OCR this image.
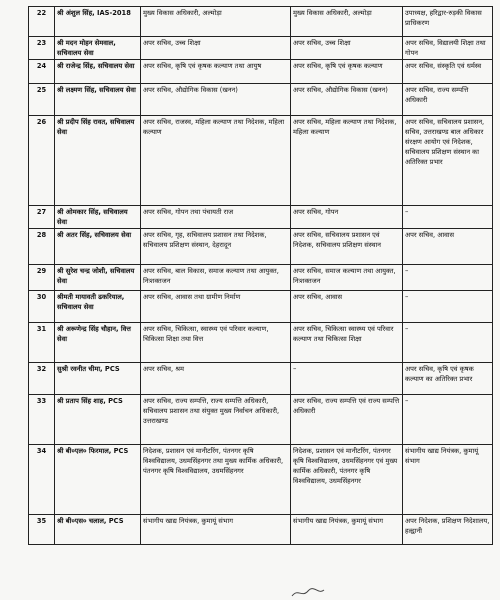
22	श्री अंशुल सिंह, IAS-2018	मुख्य विकास अधिकारी, अल्मोड़ा	मुख्य विकास अधिकारी, अल्मोड़ा	उपाध्यक्ष, हरिद्वार-रुड़की विकास प्राधिकरण
23	श्री मदन मोहन सेमवाल, सचिवालय सेवा	अपर सचिव, उच्च शिक्षा	अपर सचिव, उच्च शिक्षा	अपर सचिव, विद्यालयी शिक्षा तथा गोपन
24	श्री राजेन्द्र सिंह, सचिवालय सेवा	अपर सचिव, कृषि एवं कृषक कल्याण तथा आयुष	अपर सचिव, कृषि एवं कृषक कल्याण	अपर सचिव, संस्कृति एवं धर्मस्व
25	श्री लक्ष्मण सिंह, सचिवालय सेवा	अपर सचिव, औद्योगिक विकास (खनन)	अपर सचिव, औद्योगिक विकास (खनन)	अपर सचिव, राज्य सम्पत्ति अधिकारी
26	श्री प्रदीप सिंह रावत, सचिवालय सेवा	अपर सचिव, राजस्व, महिला कल्याण तथा निदेशक, महिला कल्याण	अपर सचिव, महिला कल्याण तथा निदेशक, महिला कल्याण	अपर सचिव, सचिवालय प्रशासन, सचिव, उत्तराखण्ड बाल अधिकार संरक्षण आयोग एवं निदेशक, सचिवालय प्रशिक्षण संस्थान का अतिरिक्त प्रभार
27	श्री ओमकार सिंह, सचिवालय सेवा	अपर सचिव, गोपन तथा पंचायती राज	अपर सचिव, गोपन	–
28	श्री अतर सिंह, सचिवालय सेवा	अपर सचिव, गृह, सचिवालय प्रशासन तथा निदेशक, सचिवालय प्रशिक्षण संस्थान, देहरादून	अपर सचिव, सचिवालय प्रशासन एवं निदेशक, सचिवालय प्रशिक्षण संस्थान	अपर सचिव, आवास
29	श्री सुरेश चन्द्र जोशी, सचिवालय सेवा	अपर सचिव, बाल विकास, समाज कल्याण तथा आयुक्त, निःशक्तजन	अपर सचिव, समाज कल्याण तथा आयुक्त, निःशक्तजन	–
30	श्रीमती मायावती ढकरियाल, सचिवालय सेवा	अपर सचिव, आवास तथा ग्रामीण निर्माण	अपर सचिव, आवास	–
31	श्री अरूणेन्द्र सिंह चौहान, वित्त सेवा	अपर सचिव, चिकित्सा, स्वास्थ्य एवं परिवार कल्याण, चिकित्सा शिक्षा तथा वित्त	अपर सचिव, चिकित्सा स्वास्थ्य एवं परिवार कल्याण तथा चिकित्सा शिक्षा	–
32	सुश्री रवनीत चीमा, PCS	अपर सचिव, श्रम	–	अपर सचिव, कृषि एवं कृषक कल्याण का अतिरिक्त प्रभार
33	श्री प्रताप सिंह शाह, PCS	अपर सचिव, राज्य सम्पत्ति, राज्य सम्पत्ति अधिकारी, सचिवालय प्रशासन तथा संयुक्त मुख्य निर्वाचन अधिकारी, उत्तराखण्ड	अपर सचिव, राज्य सम्पत्ति एवं राज्य सम्पत्ति अधिकारी	–
34	श्री बी०एल० फिरमाल, PCS	निदेशक, प्रशासन एवं मानीटरिंग, पंतनगर कृषि विश्वविद्यालय, उधमसिंहनगर तथा मुख्य कार्मिक अधिकारी, पंतनगर कृषि विश्वविद्यालय, उधमसिंहनगर	निदेशक, प्रशासन एवं मानीटरिंग, पंतनगर कृषि विश्वविद्यालय, उधमसिंहनगर एवं मुख्य कार्मिक अधिकारी, पंतनगर कृषि विश्वविद्यालय, उधमसिंहनगर	संभागीय खाद्य नियंत्रक, कुमायूं संभाग
35	श्री बी०एस० चलाल, PCS	संभागीय खाद्य नियंत्रक, कुमायूं संभाग	संभागीय खाद्य नियंत्रक, कुमायूं संभाग	अपर निदेशक, प्रशिक्षण निदेशालय, हल्द्वानी
